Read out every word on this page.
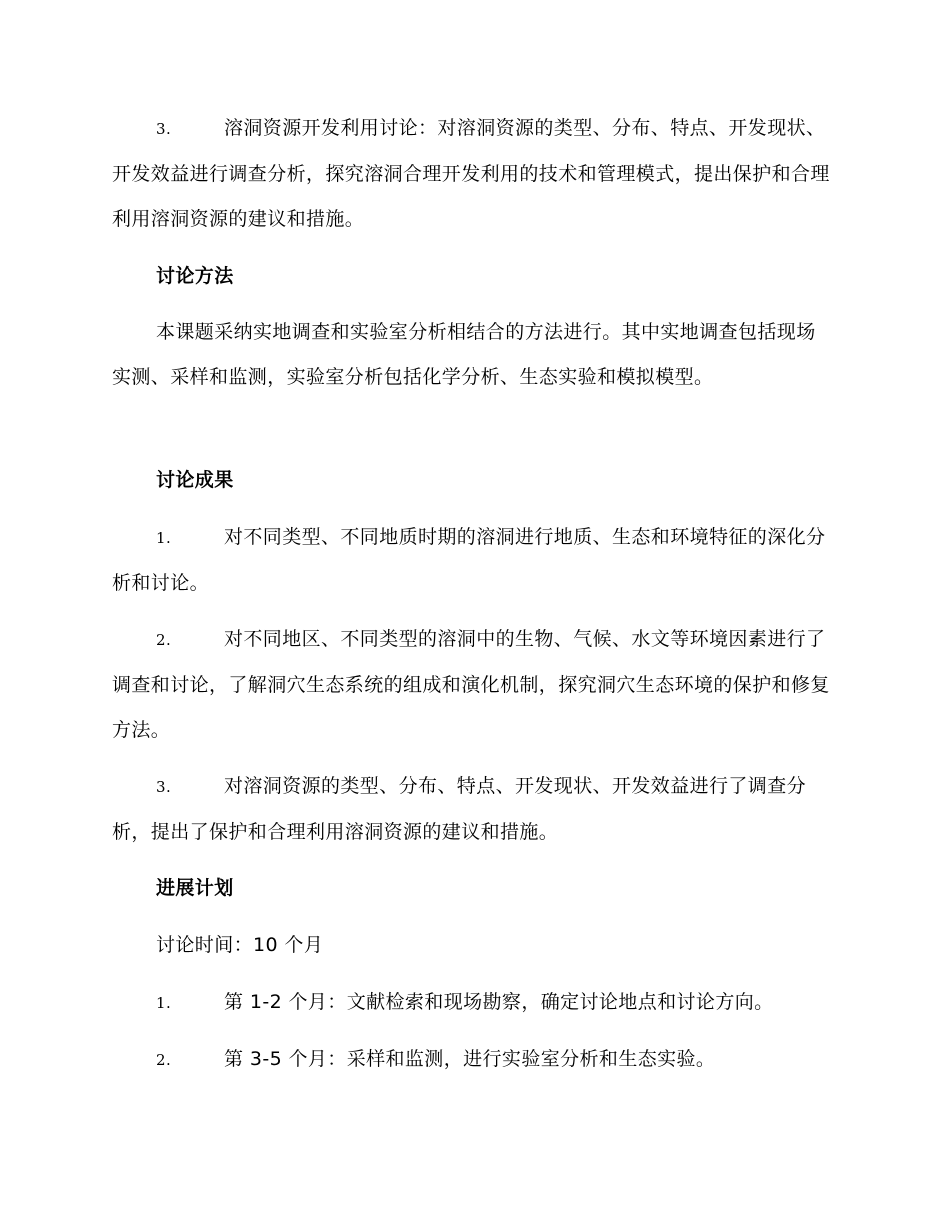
3.	溶洞资源开发利用讨论：对溶洞资源的类型、分布、特点、开发现状、开发效益进行调查分析，探究溶洞合理开发利用的技术和管理模式，提出保护和合理利用溶洞资源的建议和措施。
讨论方法
本课题采纳实地调查和实验室分析相结合的方法进行。其中实地调查包括现场实测、采样和监测，实验室分析包括化学分析、生态实验和模拟模型。
讨论成果
1.	对不同类型、不同地质时期的溶洞进行地质、生态和环境特征的深化分析和讨论。
2.	对不同地区、不同类型的溶洞中的生物、气候、水文等环境因素进行了调查和讨论，了解洞穴生态系统的组成和演化机制，探究洞穴生态环境的保护和修复方法。
3.	对溶洞资源的类型、分布、特点、开发现状、开发效益进行了调查分析，提出了保护和合理利用溶洞资源的建议和措施。
进展计划
讨论时间：10 个月
1.	第 1-2 个月：文献检索和现场勘察，确定讨论地点和讨论方向。
2.	第 3-5 个月：采样和监测，进行实验室分析和生态实验。
